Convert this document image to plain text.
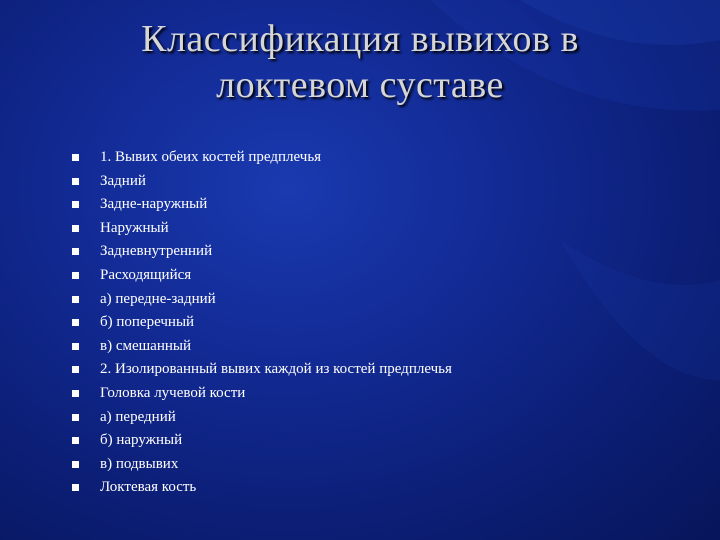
Классификация вывихов в
локтевом суставе
1. Вывих обеих костей предплечья
Задний
Задне-наружный
Наружный
Задневнутренний
Расходящийся
а) передне-задний
б) поперечный
в) смешанный
2. Изолированный вывих каждой из костей предплечья
Головка лучевой кости
а) передний
б) наружный
в) подвывих
Локтевая кость
